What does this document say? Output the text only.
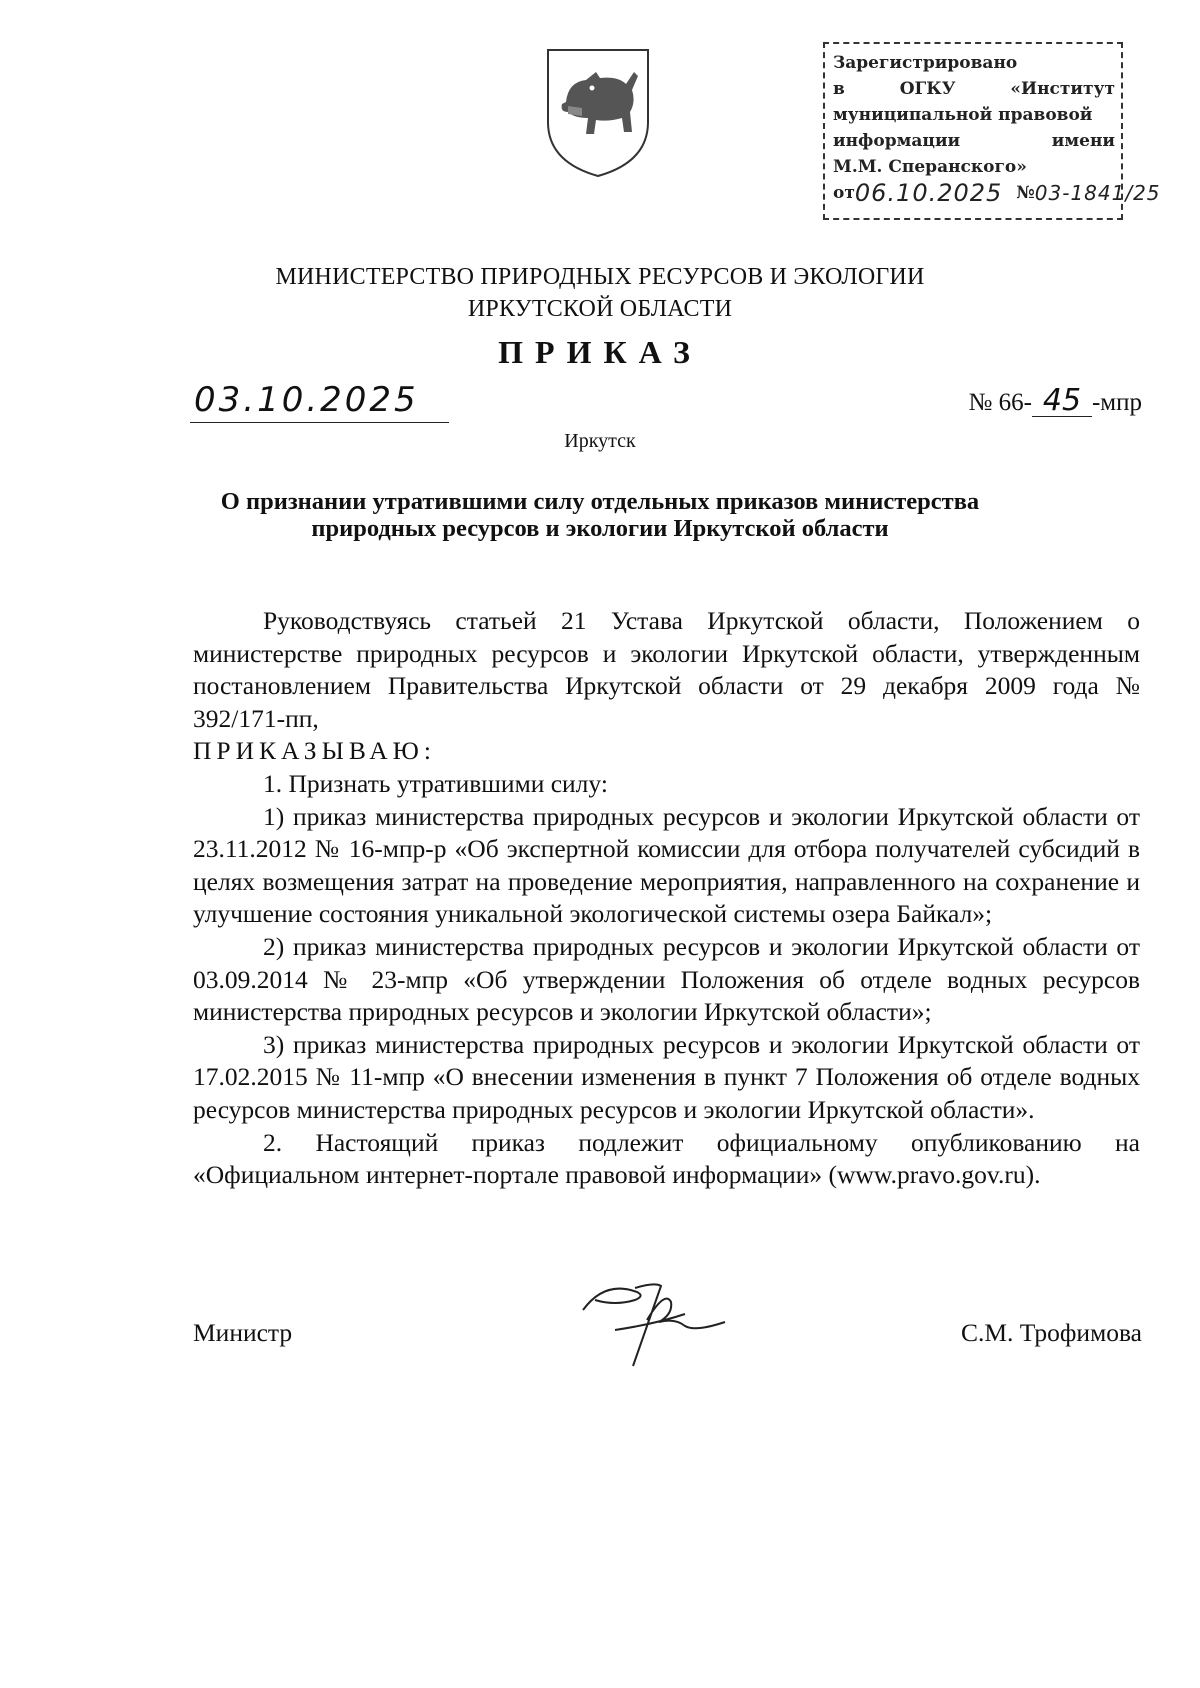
Зарегистрировано
в	ОГКУ	«Институт
муниципальной правовой
информации	имени
М.М. Сперанского»
от 06.10.2025 № 03-1841/25
МИНИСТЕРСТВО ПРИРОДНЫХ РЕСУРСОВ И ЭКОЛОГИИ
ИРКУТСКОЙ ОБЛАСТИ
ПРИКАЗ
03.10.2025	№ 66- 45 -мпр
Иркутск
О признании утратившими силу отдельных приказов министерства природных ресурсов и экологии Иркутской области

Руководствуясь статьей 21 Устава Иркутской области, Положением о министерстве природных ресурсов и экологии Иркутской области, утвержденным постановлением Правительства Иркутской области от 29 декабря 2009 года № 392/171-пп,

ПРИКАЗЫВАЮ:

1. Признать утратившими силу:

1) приказ министерства природных ресурсов и экологии Иркутской области от 23.11.2012 № 16-мпр-р «Об экспертной комиссии для отбора получателей субсидий в целях возмещения затрат на проведение мероприятия, направленного на сохранение и улучшение состояния уникальной экологической системы озера Байкал»;

2) приказ министерства природных ресурсов и экологии Иркутской области от 03.09.2014 № 23-мпр «Об утверждении Положения об отделе водных ресурсов министерства природных ресурсов и экологии Иркутской области»;

3) приказ министерства природных ресурсов и экологии Иркутской области от 17.02.2015 № 11-мпр «О внесении изменения в пункт 7 Положения об отделе водных ресурсов министерства природных ресурсов и экологии Иркутской области».

2. Настоящий приказ подлежит официальному опубликованию на «Официальном интернет-портале правовой информации» (www.pravo.gov.ru).

Министр	С.М. Трофимова
